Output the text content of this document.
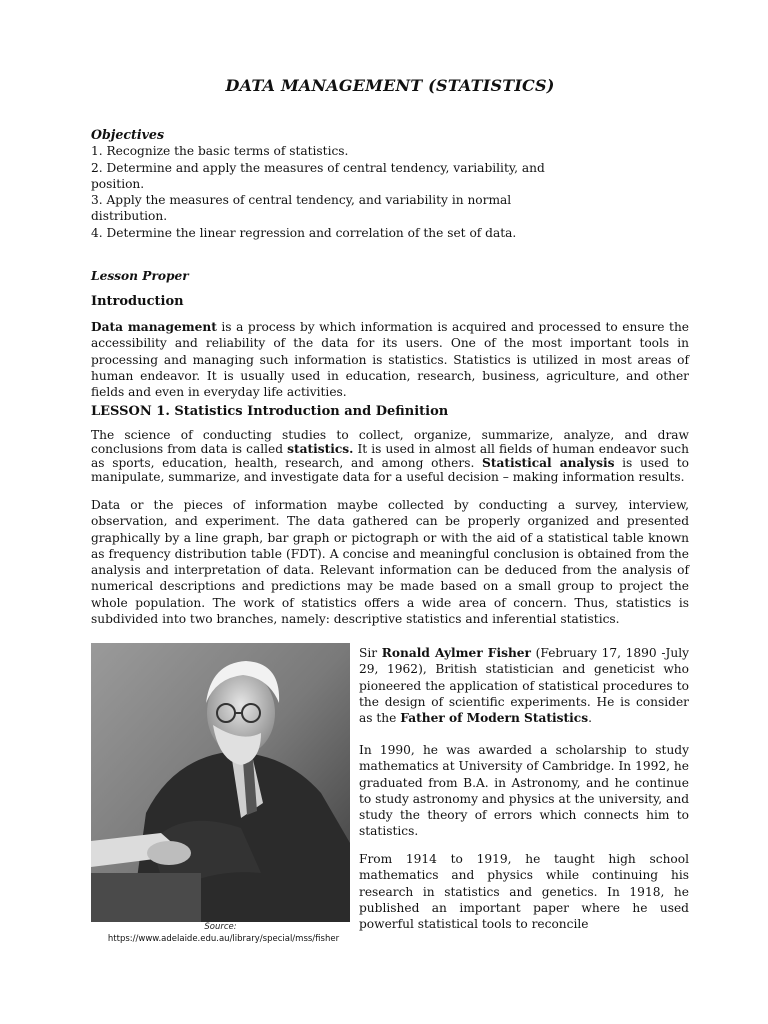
DATA MANAGEMENT (STATISTICS)
Objectives

1. Recognize the basic terms of statistics.

2. Determine and apply the measures of central tendency, variability, and position.

3. Apply the measures of central tendency, and variability in normal distribution.

4. Determine the linear regression and correlation of the set of data.

Lesson Proper
Introduction

Data management is a process by which information is acquired and processed to ensure the accessibility and reliability of the data for its users. One of the most important tools in processing and managing such information is statistics. Statistics is utilized in most areas of human endeavor. It is usually used in education, research, business, agriculture, and other fields and even in everyday life activities.

LESSON 1. Statistics Introduction and Definition

The science of conducting studies to collect, organize, summarize, analyze, and draw conclusions from data is called statistics. It is used in almost all fields of human endeavor such as sports, education, health, research, and among others. Statistical analysis is used to manipulate, summarize, and investigate data for a useful decision – making information results.

Data or the pieces of information maybe collected by conducting a survey, interview, observation, and experiment. The data gathered can be properly organized and presented graphically by a line graph, bar graph or pictograph or with the aid of a statistical table known as frequency distribution table (FDT). A concise and meaningful conclusion is obtained from the analysis and interpretation of data. Relevant information can be deduced from the analysis of numerical descriptions and predictions may be made based on a small group to project the whole population. The work of statistics offers a wide area of concern. Thus, statistics is subdivided into two branches, namely: descriptive statistics and inferential statistics.

Source:
https://www.adelaide.edu.au/library/special/mss/fisher

Sir Ronald Aylmer Fisher (February 17, 1890 -July 29, 1962), British statistician and geneticist who pioneered the application of statistical procedures to the design of scientific experiments. He is consider as the Father of Modern Statistics.

In 1990, he was awarded a scholarship to study mathematics at University of Cambridge. In 1992, he graduated from B.A. in Astronomy, and he continue to study astronomy and physics at the university, and study the theory of errors which connects him to statistics.

From 1914 to 1919, he taught high school mathematics and physics while continuing his research in statistics and genetics. In 1918, he published an important paper where he used powerful statistical tools to reconcile
